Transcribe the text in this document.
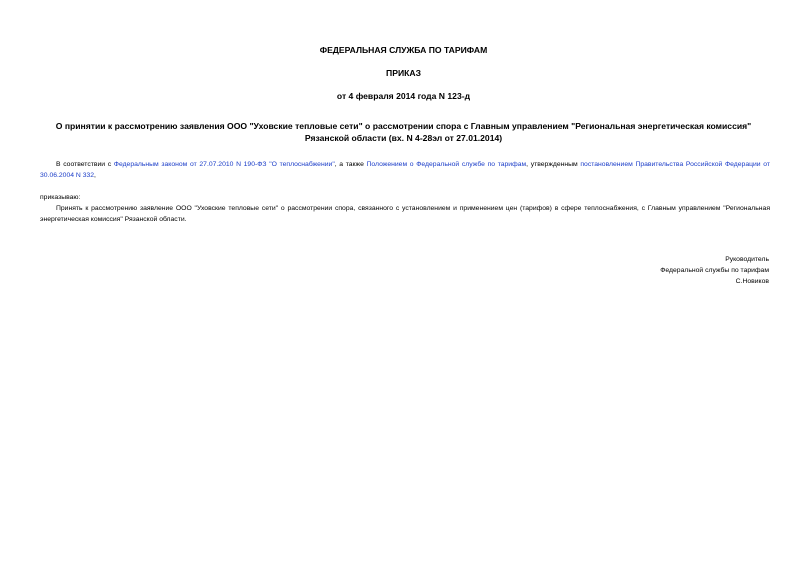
ФЕДЕРАЛЬНАЯ СЛУЖБА ПО ТАРИФАМ
ПРИКАЗ
от 4 февраля 2014 года N 123-д
О принятии к рассмотрению заявления ООО "Уховские тепловые сети" о рассмотрении спора с Главным управлением "Региональная энергетическая комиссия"
Рязанской области (вх. N 4-28эл от 27.01.2014)
В соответствии с Федеральным законом от 27.07.2010 N 190-ФЗ "О теплоснабжении", а также Положением о Федеральной службе по тарифам, утвержденным постановлением Правительства Российской Федерации от 30.06.2004 N 332,
приказываю:
Принять к рассмотрению заявление ООО "Уховские тепловые сети" о рассмотрении спора, связанного с установлением и применением цен (тарифов) в сфере теплоснабжения, с Главным управлением "Региональная энергетическая комиссия" Рязанской области.
Руководитель
Федеральной службы по тарифам
С.Новиков
